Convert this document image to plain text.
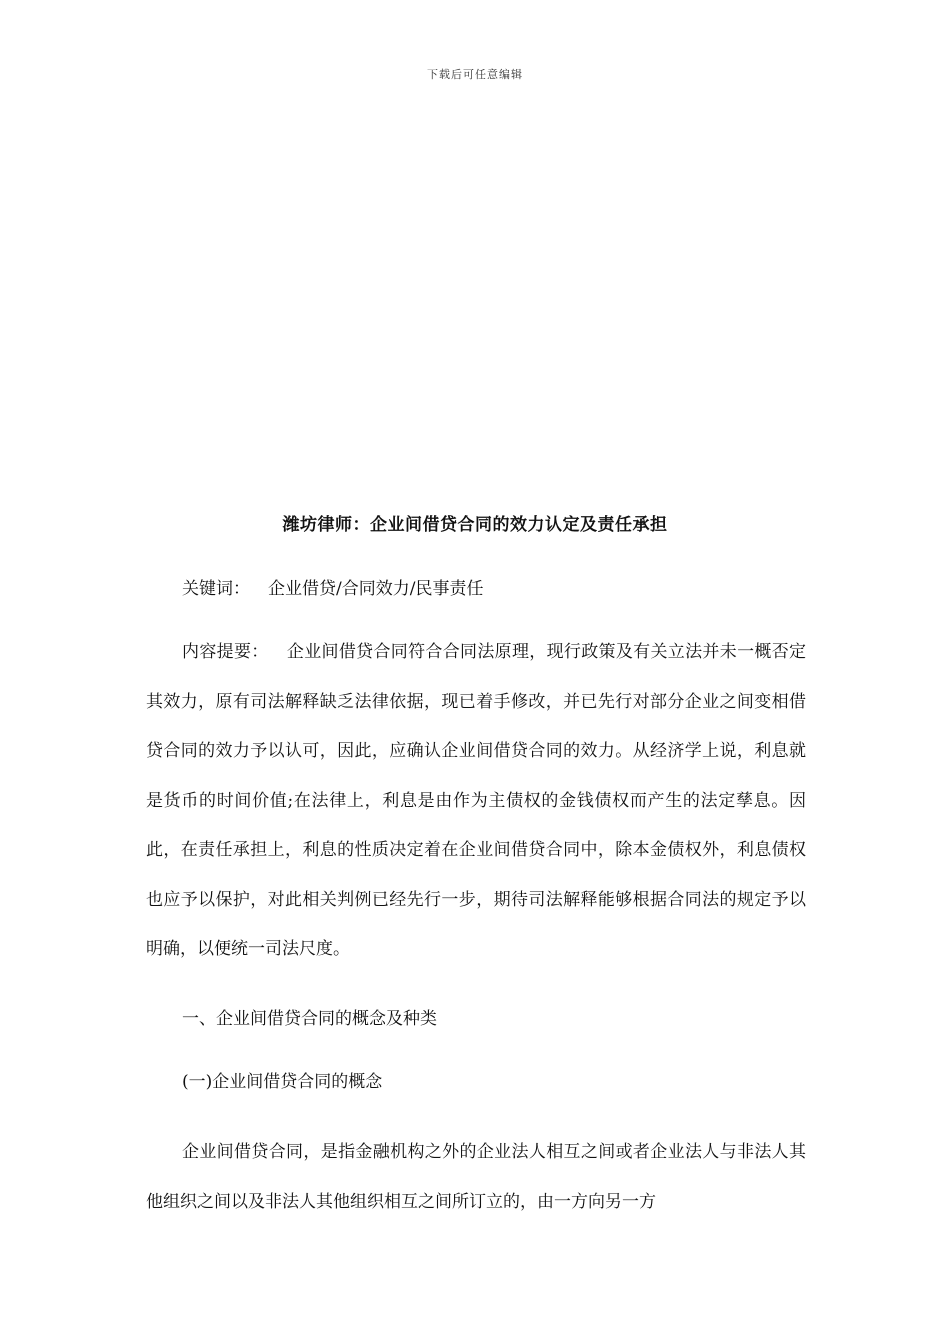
下载后可任意编辑
潍坊律师：企业间借贷合同的效力认定及责任承担
关键词： 企业借贷/合同效力/民事责任
内容提要： 企业间借贷合同符合合同法原理，现行政策及有关立法并未一概否定其效力，原有司法解释缺乏法律依据，现已着手修改，并已先行对部分企业之间变相借贷合同的效力予以认可，因此，应确认企业间借贷合同的效力。从经济学上说，利息就是货币的时间价值;在法律上，利息是由作为主债权的金钱债权而产生的法定孳息。因此，在责任承担上，利息的性质决定着在企业间借贷合同中，除本金债权外，利息债权也应予以保护，对此相关判例已经先行一步，期待司法解释能够根据合同法的规定予以明确，以便统一司法尺度。
一、企业间借贷合同的概念及种类
(一)企业间借贷合同的概念
企业间借贷合同，是指金融机构之外的企业法人相互之间或者企业法人与非法人其他组织之间以及非法人其他组织相互之间所订立的，由一方向另一方
